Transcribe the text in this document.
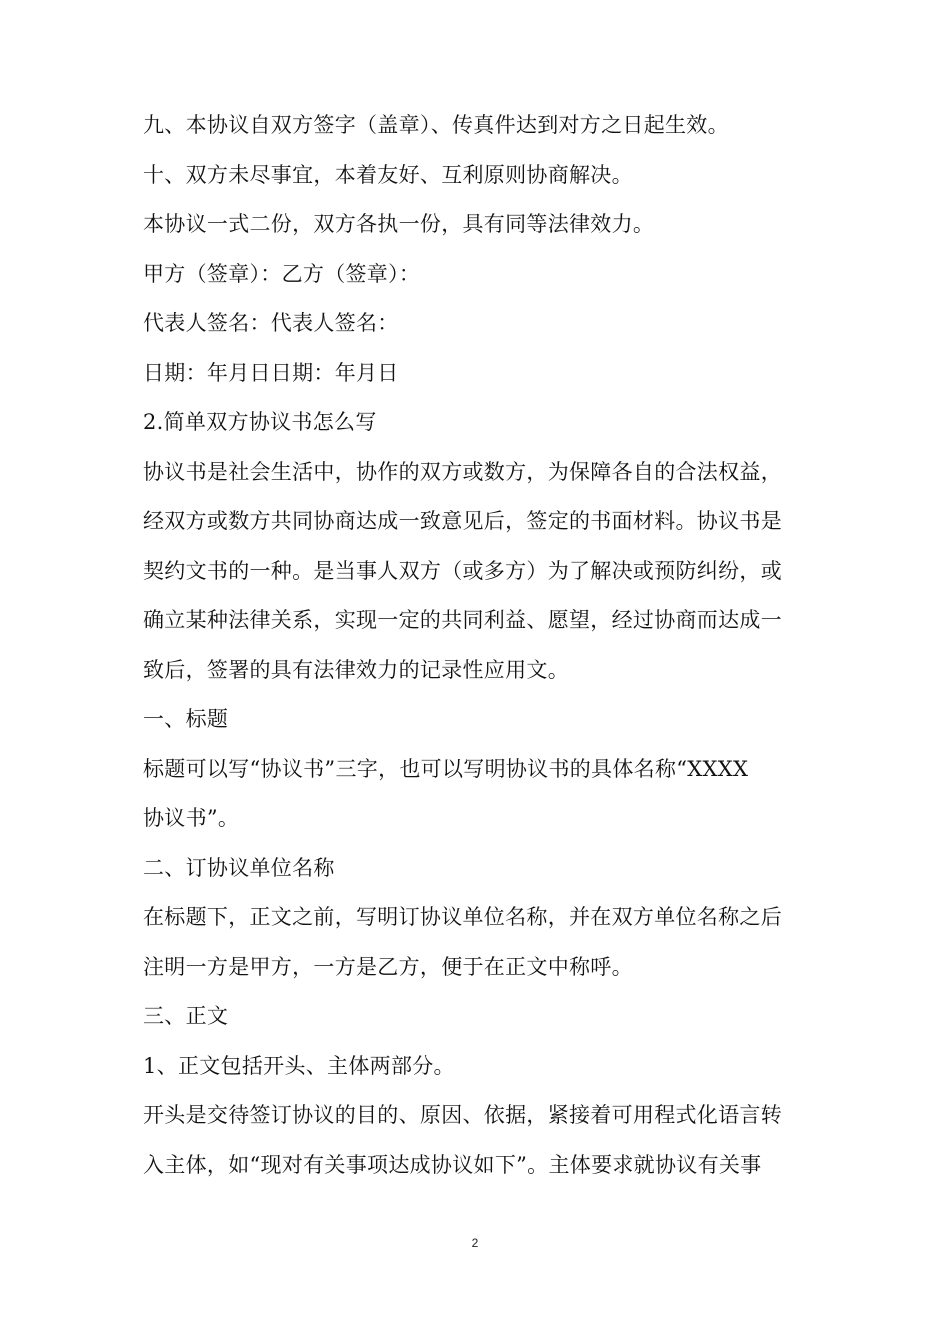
九、本协议自双方签字（盖章）、传真件达到对方之日起生效。
十、双方未尽事宜，本着友好、互利原则协商解决。
本协议一式二份，双方各执一份，具有同等法律效力。
甲方（签章）：乙方（签章）：
代表人签名：代表人签名：
日期：年月日日期：年月日
2.简单双方协议书怎么写
协议书是社会生活中，协作的双方或数方，为保障各自的合法权益，
经双方或数方共同协商达成一致意见后，签定的书面材料。协议书是
契约文书的一种。是当事人双方（或多方）为了解决或预防纠纷，或
确立某种法律关系，实现一定的共同利益、愿望，经过协商而达成一
致后，签署的具有法律效力的记录性应用文。
一、标题
标题可以写“协议书”三字，也可以写明协议书的具体名称“XXXX
协议书”。
二、订协议单位名称
在标题下，正文之前，写明订协议单位名称，并在双方单位名称之后
注明一方是甲方，一方是乙方，便于在正文中称呼。
三、正文
1、正文包括开头、主体两部分。
开头是交待签订协议的目的、原因、依据，紧接着可用程式化语言转
入主体，如“现对有关事项达成协议如下”。主体要求就协议有关事
2
